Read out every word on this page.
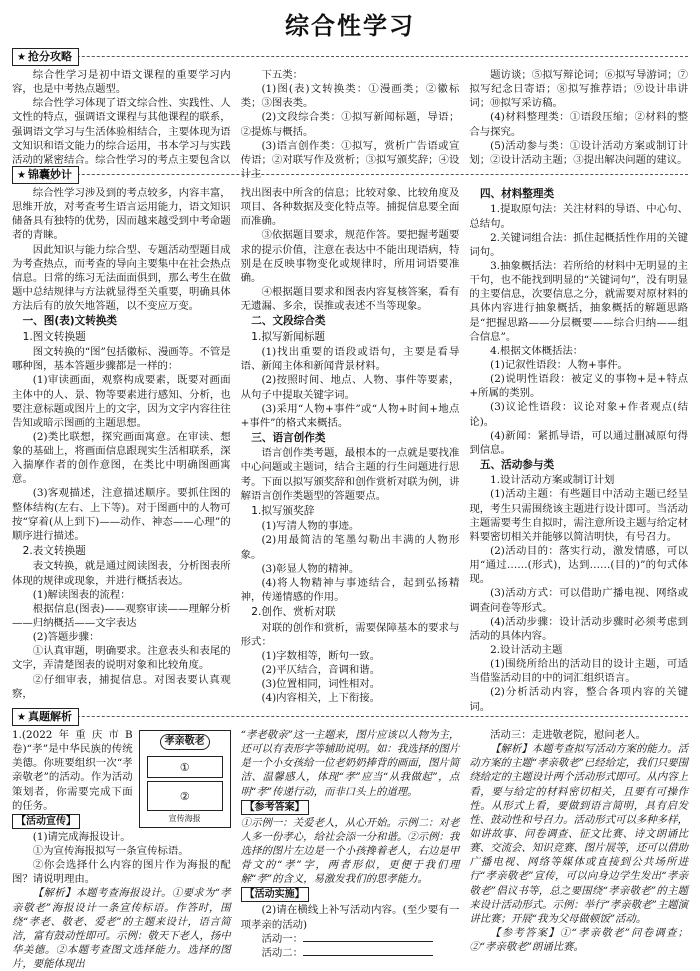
综合性学习
★ 抢分攻略

综合性学习是初中语文课程的重要学习内容，也是中考热点题型。

综合性学习体现了语文综合性、实践性、人文性的特点，强调语文课程与其他课程的联系，强调语文学习与生活体验相结合，主要体现为语文知识和语文能力的综合运用，书本学习与实践活动的紧密结合。综合性学习的考点主要包含以

下五类：

(1)图(表)文转换类：①漫画类；②徽标类；③图表类。

(2)文段综合类：①拟写新闻标题，导语；②提炼与概括。

(3)语言创作类：①拟写，赏析广告语或宣传语；②对联写作及赏析；③拟写颁奖辞；④设计主

题访谈；⑤拟写辩论词；⑥拟写导游词；⑦拟写纪念日寄语；⑧拟写推荐语；⑨设计串讲词；⑩拟写采访稿。

(4)材料整理类：①语段压缩；②材料的整合与探究。

(5)活动参与类：①设计活动方案或制订计划；②设计活动主题；③提出解决问题的建议。

★ 锦囊妙计

综合性学习涉及到的考点较多，内容丰富，思维开放，对考查考生语言运用能力，语文知识储备具有独特的优势，因而越来越受到中考命题者的青睐。

因此知识与能力综合型、专题活动型题目成为考查热点，而考查的导向主要集中在社会热点信息。日常的练习无法面面俱到，那么考生在做题中总结规律与方法就显得至关重要，明确具体方法后有的放矢地答题，以不变应万变。

一、图(表)文转换类
1.图文转换题

图文转换的“图”包括徽标、漫画等。不管是哪种图，基本答题步骤都是一样的：

(1)审读画面，观察构成要素，既要对画面主体中的人、景、物等要素进行感知、分析，也要注意标题或图片上的文字，因为文字内容往往告知或暗示图画的主题思想。

(2)类比联想，探究画面寓意。在审读、想象的基础上，将画面信息跟现实生活相联系，深入揣摩作者的创作意图，在类比中明确图画寓意。

(3)客观描述，注意描述顺序。要抓住图的整体结构(左右、上下等)。对于图画中的人物可按“穿着(从上到下)——动作、神态——心理”的顺序进行描述。

2.表文转换题

表文转换，就是通过阅读图表，分析图表所体现的规律或现象，并进行概括表达。

(1)解读图表的流程：

根据信息(图表)——观察审读——理解分析——归纳概括——文字表达

(2)答题步骤：

①认真审题，明确要求。注意表头和表尾的文字，弄清楚图表的说明对象和比较角度。

②仔细审表，捕捉信息。对图表要认真观察，

找出图表中所含的信息；比较对象、比较角度及项目、各种数据及变化特点等。捕捉信息要全面而准确。

③依据题目要求，规范作答。要把握考题要求的提示价值，注意在表达中不能出现语病，特别是在反映事物变化或规律时，所用词语要准确。

④根据题目要求和图表内容复核答案，看有无遗漏、多余，误推或表述不当等现象。

二、文段综合类
1.拟写新闻标题

(1)找出重要的语段或语句，主要是看导语、新闻主体和新闻背景材料。

(2)按照时间、地点、人物、事件等要素，从句子中提取关键字词。

(3)采用“人物+事件”或“人物+时间+地点+事件”的格式来概括。

三、语言创作类

语言创作类考题，最根本的一点就是要找准中心问题或主题词，结合主题的行生问题进行思考。下面以拟写颁奖辞和创作赏析对联为例，讲解语言创作类题型的答题要点。

1.拟写颁奖辞

(1)写清人物的事迹。

(2)用最简洁的笔墨勾勒出丰满的人物形象。

(3)彰显人物的精神。

(4)将人物精神与事迹结合，起到弘扬精神，传递情感的作用。

2.创作、赏析对联

对联的创作和赏析，需要保障基本的要求与形式：

(1)字数相等，断句一致。

(2)平仄结合，音调和谐。

(3)位置相同，词性相对。

(4)内容相关，上下衔接。

四、材料整理类

1.提取原句法：关注材料的导语、中心句、总结句。

2.关键词组合法：抓住起概括性作用的关键词句。

3.抽象概括法：若所给的材料中无明显的主干句，也不能找到明显的“关键词句”，没有明显的主要信息，次要信息之分，就需要对原材料的具体内容进行抽象概括，抽象概括的解题思路是“把握思路——分层概要——综合归纳——组合信息”。

4.根据文体概括法：

(1)记叙性语段：人物+事件。

(2)说明性语段：被定义的事物+是+特点+所属的类别。

(3)议论性语段：议论对象+作者观点(结论)。

(4)新闻：紧抓导语，可以通过删减原句得到信息。

五、活动参与类

1.设计活动方案或制订计划

(1)活动主题：有些题目中活动主题已经呈现，考生只需围绕该主题进行设计即可。当活动主题需要考生自拟时，需注意所设主题与给定材料要密切相关并能够以简洁明快，有号召力。

(2)活动目的：落实行动，激发情感，可以用“通过……(形式)，达到……(目的)”的句式体现。

(3)活动方式：可以借助广播电视、网络或调查问卷等形式。

(4)活动步骤：设计活动步骤时必须考虑到活动的具体内容。

2.设计活动主题

(1)围绕所给出的活动目的设计主题，可适当借鉴活动目的中的词汇组织语言。

(2)分析活动内容，整合各项内容的关键词。

★ 真题解析
孝亲敬老
①
②
宣传海报

1.(2022年重庆市B卷)“孝”是中华民族的传统美德。你班要组织一次“孝亲敬老”的活动。作为活动策划者，你需要完成下面的任务。

【活动宣传】

(1)请完成海报设计。

①为宣传海报拟写一条宣传标语。

②你会选择什么内容的图片作为海报的配图？请说明理由。

【解析】本题考查海报设计。①要求为“孝亲敬老”海报设计一条宣传标语。作答时，围绕“孝老、敬老、爱老”的主题来设计，语言简洁，富有鼓动性即可。示例：敬天下老人，扬中华美德。②本题考查图文选择能力。选择的图片，要能体现出

“孝老敬亲”这一主题来，图片应该以人物为主，还可以有表形字等辅助说明。如：我选择的图片是一个小女孩给一位老奶奶捧背的画面，图片简洁、温馨感人，体现“孝”应当“从我做起”，点明“孝”传递行动，而非口头上的道理。

【参考答案】

①示例一：关爱老人，从心开始。示例二：对老人多一份孝心，给社会添一分和谐。②示例：我选择的图片左边是一个小孩搀着老人，右边是甲骨文的“孝”字，两者形似，更便于我们理解“孝”的含义，易激发我们的思孝能力。

【活动实施】

(2)请在横线上补写活动内容。(至少要有一项孝亲的活动)

活动一：

活动二：

活动三：走进敬老院，慰问老人。

【解析】本题考查拟写活动方案的能力。活动方案的主题“孝亲敬老”已经给定，我们只要围绕给定的主题设计两个活动形式即可。从内容上看，要与给定的材料密切相关，且要有可操作性。从形式上看，要做到语言简明，具有启发性、鼓动性和号召力。活动形式可以多种多样，如讲故事、问卷调查、征文比赛、诗文朗诵比赛、交流会、知识竞赛、图片展等，还可以借助广播电视、网络等媒体或直接到公共场所进行“孝亲敬老”宣传，可以向身边学生发出“孝亲敬老”倡议书等，总之要围绕“孝亲敬老”的主题来设计活动形式。示例：举行“孝亲敬老”主题演讲比赛；开展“我为父母做顿饭”活动。

【参考答案】①“孝亲敬老”问卷调查；②“孝亲敬老”朗诵比赛。
